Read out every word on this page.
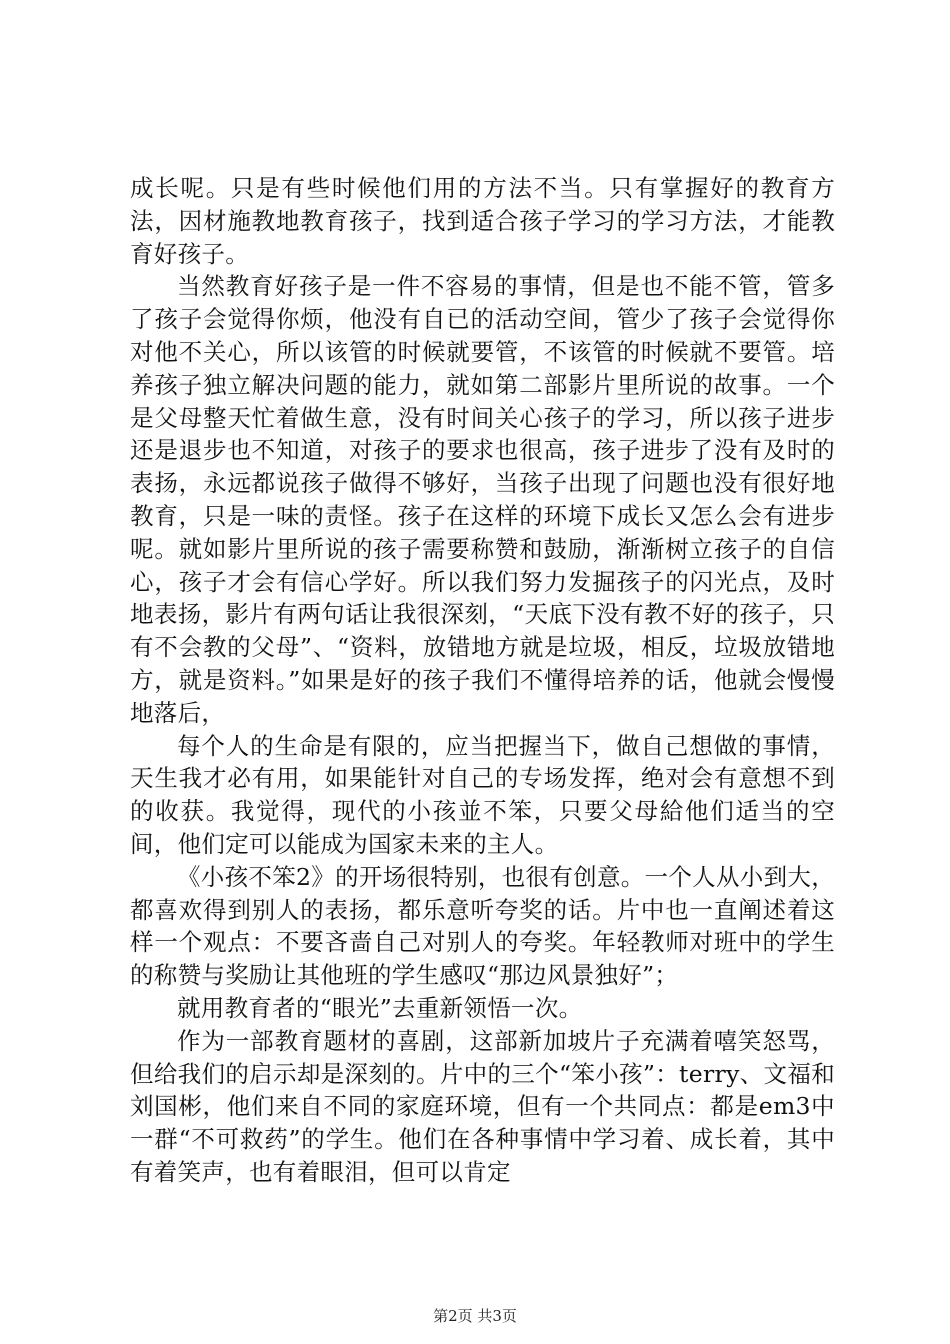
成长呢。只是有些时候他们用的方法不当。只有掌握好的教育方法，因材施教地教育孩子，找到适合孩子学习的学习方法，才能教育好孩子。

当然教育好孩子是一件不容易的事情，但是也不能不管，管多了孩子会觉得你烦，他没有自已的活动空间，管少了孩子会觉得你对他不关心，所以该管的时候就要管，不该管的时候就不要管。培养孩子独立解决问题的能力，就如第二部影片里所说的故事。一个是父母整天忙着做生意，没有时间关心孩子的学习，所以孩子进步还是退步也不知道，对孩子的要求也很高，孩子进步了没有及时的表扬，永远都说孩子做得不够好，当孩子出现了问题也没有很好地教育，只是一味的责怪。孩子在这样的环境下成长又怎么会有进步呢。就如影片里所说的孩子需要称赞和鼓励，渐渐树立孩子的自信心，孩子才会有信心学好。所以我们努力发掘孩子的闪光点，及时地表扬，影片有两句话让我很深刻，“天底下没有教不好的孩子，只有不会教的父母”、“资料，放错地方就是垃圾，相反，垃圾放错地方，就是资料。”如果是好的孩子我们不懂得培养的话，他就会慢慢地落后，

每个人的生命是有限的，应当把握当下，做自己想做的事情，天生我才必有用，如果能针对自己的专场发挥，绝对会有意想不到的收获。我觉得，现代的小孩並不笨，只要父母給他们适当的空间，他们定可以能成为国家未来的主人。

《小孩不笨2》的开场很特别，也很有创意。一个人从小到大，都喜欢得到别人的表扬，都乐意听夸奖的话。片中也一直阐述着这样一个观点：不要吝啬自己对别人的夸奖。年轻教师对班中的学生的称赞与奖励让其他班的学生感叹“那边风景独好”；

就用教育者的“眼光”去重新领悟一次。

作为一部教育题材的喜剧，这部新加坡片子充满着嘻笑怒骂，但给我们的启示却是深刻的。片中的三个“笨小孩”：terry、文福和刘国彬，他们来自不同的家庭环境，但有一个共同点：都是em3中一群“不可救药”的学生。他们在各种事情中学习着、成长着，其中有着笑声，也有着眼泪，但可以肯定

第2页 共3页
